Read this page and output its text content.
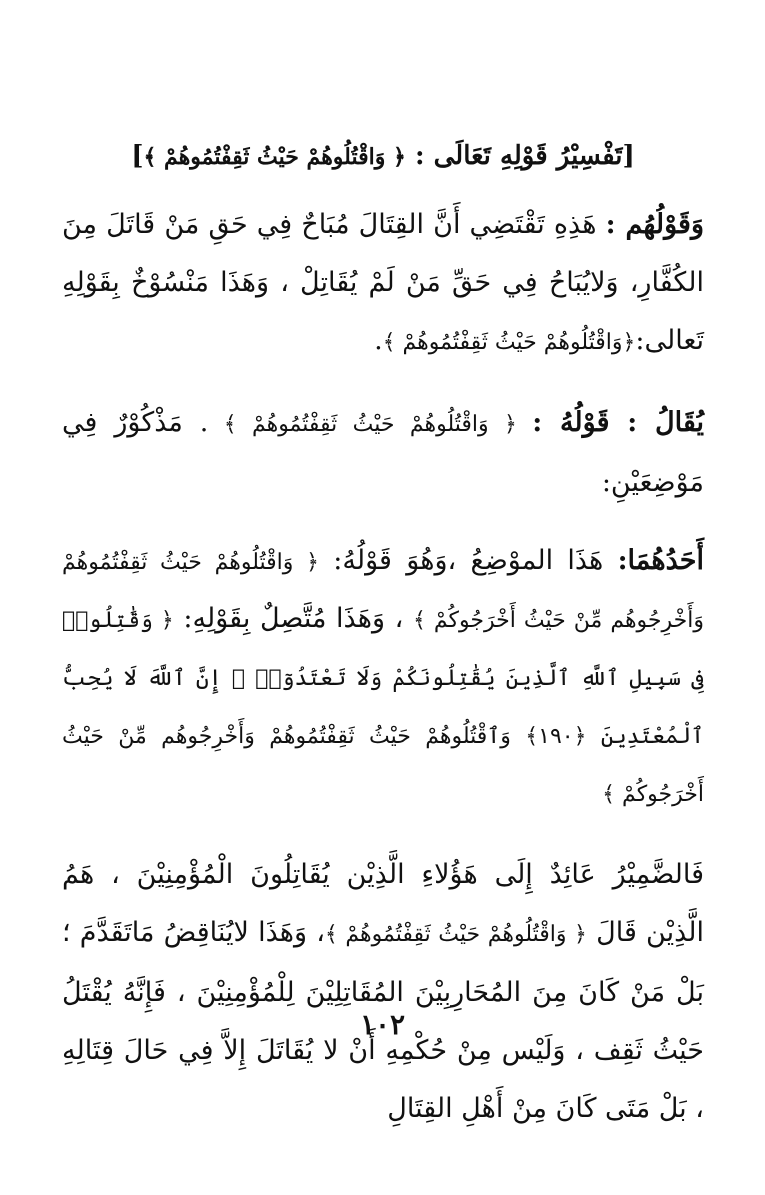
[تَفْسِيْرُ قَوْلِهِ تَعَالَى : ﴿ وَاقْتُلُوهُمْ حَيْثُ ثَقِفْتُمُوهُمْ ﴾]

وَقَوْلُهُم : هَذِهِ تَقْتَضِي أَنَّ القِتَالَ مُبَاحٌ فِي حَقِ مَنْ قَاتَلَ مِنَ الكُفَّارِ، وَلايُبَاحُ فِي حَقِّ مَنْ لَمْ يُقَاتِلْ ، وَهَذَا مَنْسُوْخٌ بِقَوْلِهِ تَعالى:﴿وَاقْتُلُوهُمْ حَيْثُ ثَقِفْتُمُوهُمْ ﴾.

يُقَالُ : قَوْلُهُ : ﴿ وَاقْتُلُوهُمْ حَيْثُ ثَقِفْتُمُوهُمْ ﴾ . مَذْكُوْرٌ فِي مَوْضِعَيْنِ:

أَحَدُهُمَا: هَذَا الموْضِعُ ،وَهُوَ قَوْلُهُ: ﴿ وَاقْتُلُوهُمْ حَيْثُ ثَقِفْتُمُوهُمْ وَأَخْرِجُوهُم مِّنْ حَيْثُ أَخْرَجُوكُمْ ﴾ ، وَهَذَا مُتَّصِلٌ بِقَوْلِهِ: ﴿ وَقَٰتِلُوا۟ فِى سَبِيلِ ٱللَّهِ ٱلَّذِينَ يُقَٰتِلُونَكُمْ وَلَا تَعْتَدُوٓا۟ ۚ إِنَّ ٱللَّهَ لَا يُحِبُّ ٱلْمُعْتَدِينَ ﴿١٩٠﴾ وَٱقْتُلُوهُمْ حَيْثُ ثَقِفْتُمُوهُمْ وَأَخْرِجُوهُم مِّنْ حَيْثُ أَخْرَجُوكُمْ ﴾

فَالضَّمِيْرُ عَائِدٌ إِلَى هَؤُلاءِ الَّذِيْن يُقَاتِلُونَ الْمُؤْمِنِيْنَ ، هَمُ الَّذِيْن قَالَ ﴿ وَاقْتُلُوهُمْ حَيْثُ ثَقِفْتُمُوهُمْ ﴾، وَهَذَا لايُنَاقِضُ مَاتَقَدَّمَ ؛ بَلْ مَنْ كَانَ مِنَ المُحَارِبِيْنَ المُقَاتِلِيْنَ لِلْمُؤْمِنِيْنَ ، فَإِنَّهُ يُقْتَلُ حَيْثُ ثَقِف ، وَلَيْس مِنْ حُكْمِهِ أَنْ لا يُقَاتَلَ إِلاَّ فِي حَالَ قِتَالِهِ ، بَلْ مَتَى كَانَ مِنْ أَهْلِ القِتَالِ

١٠٢
